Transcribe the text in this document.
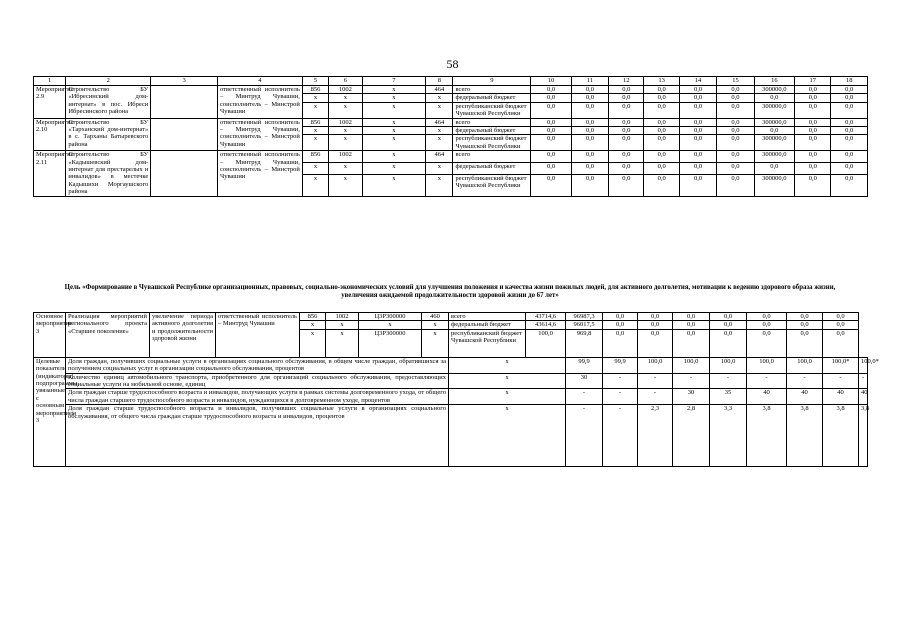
58
1	2	3	4	5	6	7	8	9	10	11	12	13	14	15	16	17	18
Мероприятие 2.9	Строительство БУ «Ибресинский дом-интернат» в пос. Ибреси Ибресинского района		ответственный исполнитель – Минтруд Чувашии, соисполнитель – Минстрой Чувашии	856	1002	х	464	всего	0,0	0,0	0,0	0,0	0,0	0,0	300000,0	0,0	0,0
				х	х	х	х	федеральный бюджет	0,0	0,0	0,0	0,0	0,0	0,0	0,0	0,0	0,0
				х	х	х	х	республиканский бюджет Чувашской Республики	0,0	0,0	0,0	0,0	0,0	0,0	300000,0	0,0	0,0
Мероприятие 2.10	Строительство БУ «Тарханский дом-интернат» в с. Тарханы Батыревского района		ответственный исполнитель – Минтруд Чувашии, соисполнитель – Минстрой Чувашии	856	1002	х	464	всего	0,0	0,0	0,0	0,0	0,0	0,0	300000,0	0,0	0,0
				х	х	х	х	федеральный бюджет	0,0	0,0	0,0	0,0	0,0	0,0	0,0	0,0	0,0
				х	х	х	х	республиканский бюджет Чувашской Республики	0,0	0,0	0,0	0,0	0,0	0,0	300000,0	0,0	0,0
Мероприятие 2.11	Строительство БУ «Кадышевский дом-интернат для престарелых и инвалидов» в местечке Кадышихи Моргаушского района		ответственный исполнитель – Минтруд Чувашии, соисполнитель – Минстрой Чувашии	856	1002	х	464	всего	0,0	0,0	0,0	0,0	0,0	0,0	300000,0	0,0	0,0
				х	х	х	х	федеральный бюджет	0,0	0,0	0,0	0,0	0,0	0,0	0,0	0,0	0,0
				х	х	х	х	республиканский бюджет Чувашской Республики	0,0	0,0	0,0	0,0	0,0	0,0	300000,0	0,0	0,0
Цель «Формирование в Чувашской Республике организационных, правовых, социально-экономических условий для улучшения положения и качества жизни пожилых людей, для активного долголетия, мотивации к ведению здорового образа жизни, увеличения ожидаемой продолжительности здоровой жизни до 67 лет»
Основное мероприятие 3	Реализация мероприятий регионального проекта «Старшее поколение»	увеличение периода активного долголетия и продолжительности здоровой жизни	ответственный исполнитель – Минтруд Чувашии	856	1002	Ц3Р300000	460	всего	43714,6	96987,3	0,0	0,0	0,0	0,0	0,0	0,0	0,0	
				х	х	х	х	федеральный бюджет	43614,6	96017,5	0,0	0,0	0,0	0,0	0,0	0,0	0,0	
				х	х	Ц3Р300000	х	республиканский бюджет Чувашской Республики	100,0	969,8	0,0	0,0	0,0	0,0	0,0	0,0	0,0	
Целевые показатели (индикаторы) подпрограммы, увязанные с основным мероприятием 3	Доля граждан, получивших социальные услуги в организациях социального обслуживания, в общем числе граждан, обратившихся за получением социальных услуг в организации социального обслуживания, процентов							х		99,9	99,9	100,0	100,0	100,0	100,0	100,0	100,0*	100,0*
	Количество единиц автомобильного транспорта, приобретенного для организаций социального обслуживания, предоставляющих социальные услуги на мобильной основе, единиц							х		30	-	-	-	-	-	-	-	-
	Доля граждан старше трудоспособного возраста и инвалидов, получающих услуги в рамках системы долговременного ухода, от общего числа граждан старшего трудоспособного возраста и инвалидов, нуждающихся в долговременном уходе, процентов							х		-	-	-	30	35	40	40	40	40
	Доля граждан старше трудоспособного возраста и инвалидов, получивших социальные услуги в организациях социального обслуживания, от общего числа граждан старше трудоспособного возраста и инвалидов, процентов							х		-	-	2,3	2,8	3,3	3,8	3,8	3,8	3,8
